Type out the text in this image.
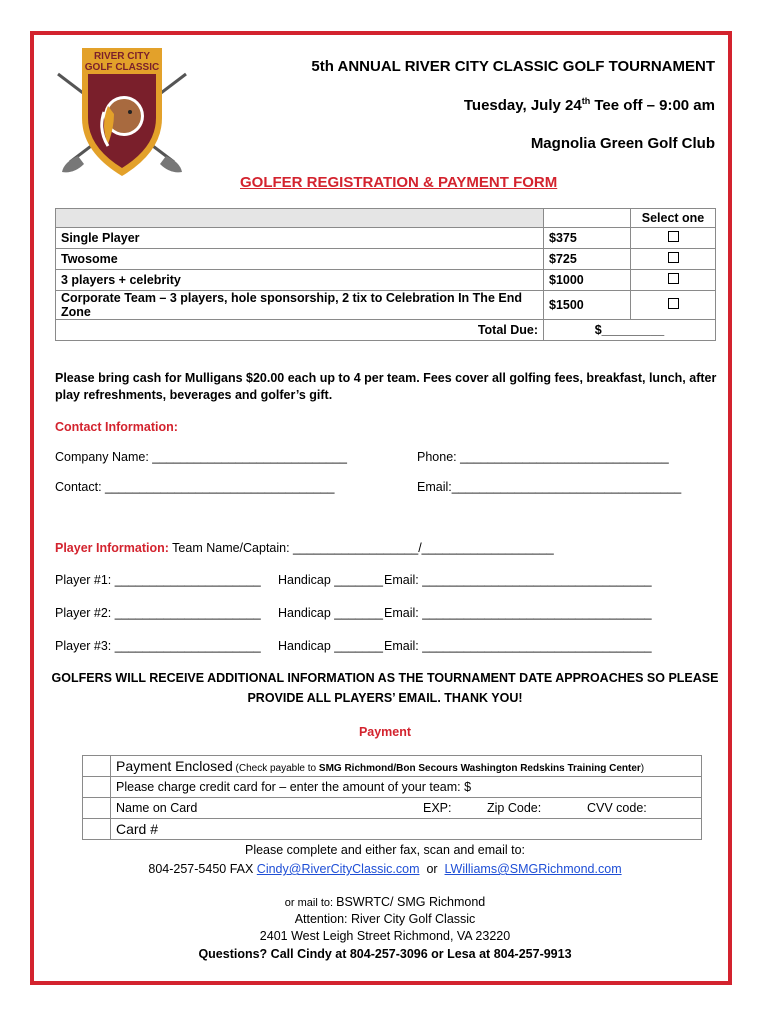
RIVER CITY
GOLF CLASSIC	5th ANNUAL RIVER CITY CLASSIC GOLF TOURNAMENT
Tuesday, July 24th Tee off – 9:00 am
Magnolia Green Golf Club
GOLFER REGISTRATION & PAYMENT FORM
		Select one
Single Player	$375	
Twosome	$725	
3 players + celebrity	$1000	
Corporate Team – 3 players, hole sponsorship, 2 tix to Celebration In The End Zone	$1500	
Total Due:	$_________	
Please bring cash for Mulligans $20.00 each up to 4 per team. Fees cover all golfing fees, breakfast, lunch, after
play refreshments, beverages and golfer’s gift.
Contact Information:
Company Name: ____________________________	Phone: ______________________________
Contact: _________________________________	Email:_________________________________
Player Information: Team Name/Captain: __________________/___________________
Player #1: _____________________ Handicap _______ Email: _________________________________
Player #2: _____________________ Handicap _______ Email: _________________________________
Player #3: _____________________ Handicap _______ Email: _________________________________
GOLFERS WILL RECEIVE ADDITIONAL INFORMATION AS THE TOURNAMENT DATE APPROACHES SO PLEASE
PROVIDE ALL PLAYERS’ EMAIL. THANK YOU!
Payment
	Payment Enclosed (Check payable to SMG Richmond/Bon Secours Washington Redskins Training Center)
	Please charge credit card for – enter the amount of your team: $
	Name on Card EXP: Zip Code: CVV code:

	Card #
Please complete and either fax, scan and email to:
804-257-5450 FAX Cindy@RiverCityClassic.com  or  LWilliams@SMGRichmond.com
or mail to: BSWRTC/ SMG Richmond
Attention: River City Golf Classic
2401 West Leigh Street Richmond, VA 23220
Questions? Call Cindy at 804-257-3096 or Lesa at 804-257-9913
